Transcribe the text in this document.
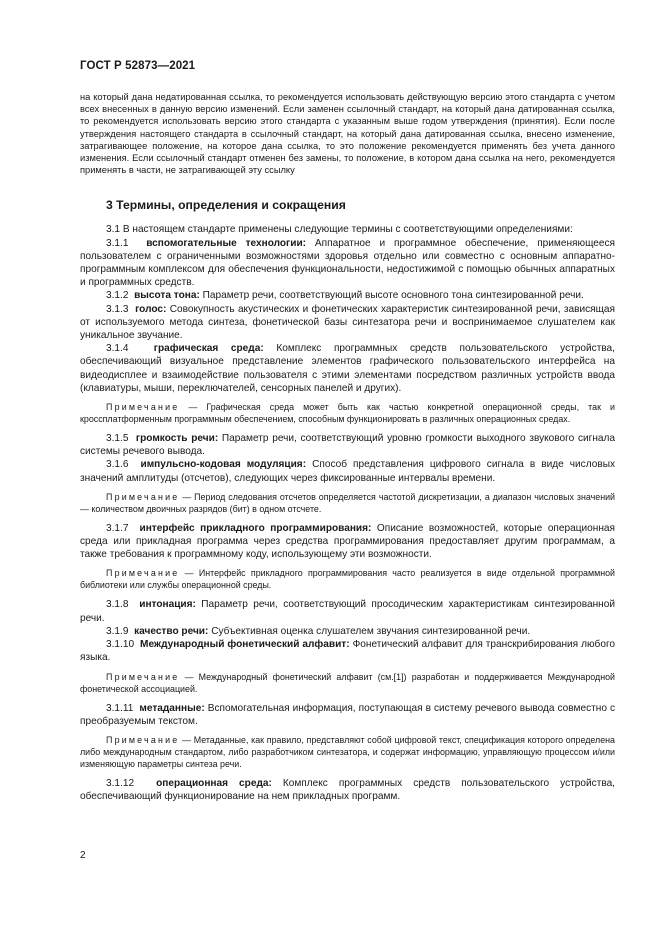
ГОСТ Р 52873—2021

на который дана недатированная ссылка, то рекомендуется использовать действующую версию этого стандарта с учетом всех внесенных в данную версию изменений. Если заменен ссылочный стандарт, на который дана датированная ссылка, то рекомендуется использовать версию этого стандарта с указанным выше годом утверждения (принятия). Если после утверждения настоящего стандарта в ссылочный стандарт, на который дана датированная ссылка, внесено изменение, затрагивающее положение, на которое дана ссылка, то это положение рекомендуется применять без учета данного изменения. Если ссылочный стандарт отменен без замены, то положение, в котором дана ссылка на него, рекомендуется применять в части, не затрагивающей эту ссылку

3 Термины, определения и сокращения

3.1 В настоящем стандарте применены следующие термины с соответствующими определениями:

3.1.1 вспомогательные технологии: Аппаратное и программное обеспечение, применяющееся пользователем с ограниченными возможностями здоровья отдельно или совместно с основным аппаратно-программным комплексом для обеспечения функциональности, недостижимой с помощью обычных аппаратных и программных средств.

3.1.2 высота тона: Параметр речи, соответствующий высоте основного тона синтезированной речи.

3.1.3 голос: Совокупность акустических и фонетических характеристик синтезированной речи, зависящая от используемого метода синтеза, фонетической базы синтезатора речи и воспринимаемое слушателем как уникальное звучание.

3.1.4	графическая среда: Комплекс программных средств пользовательского устройства, обеспечивающий визуальное представление элементов графического пользовательского интерфейса на видеодисплее и взаимодействие пользователя с этими элементами посредством различных устройств ввода (клавиатуры, мыши, переключателей, сенсорных панелей и других).

Примечание — Графическая среда может быть как частью конкретной операционной среды, так и кроссплатформенным программным обеспечением, способным функционировать в различных операционных средах.

3.1.5 громкость речи: Параметр речи, соответствующий уровню громкости выходного звукового сигнала системы речевого вывода.

3.1.6 импульсно-кодовая модуляция: Способ представления цифрового сигнала в виде числовых значений амплитуды (отсчетов), следующих через фиксированные интервалы времени.

Примечание — Период следования отсчетов определяется частотой дискретизации, а диапазон числовых значений — количеством двоичных разрядов (бит) в одном отсчете.

3.1.7 интерфейс прикладного программирования: Описание возможностей, которые операционная среда или прикладная программа через средства программирования предоставляет другим программам, а также требования к программному коду, использующему эти возможности.

Примечание — Интерфейс прикладного программирования часто реализуется в виде отдельной программной библиотеки или службы операционной среды.

3.1.8 интонация: Параметр речи, соответствующий просодическим характеристикам синтезированной речи.

3.1.9 качество речи: Субъективная оценка слушателем звучания синтезированной речи.

3.1.10 Международный фонетический алфавит: Фонетический алфавит для транскрибирования любого языка.

Примечание — Международный фонетический алфавит (см.[1]) разработан и поддерживается Международной фонетической ассоциацией.

3.1.11 метаданные: Вспомогательная информация, поступающая в систему речевого вывода совместно с преобразуемым текстом.

Примечание — Метаданные, как правило, представляют собой цифровой текст, спецификация которого определена либо международным стандартом, либо разработчиком синтезатора, и содержат информацию, управляющую процессом и/или изменяющую параметры синтеза речи.

3.1.12 операционная среда: Комплекс программных средств пользовательского устройства, обеспечивающий функционирование на нем прикладных программ.

2
